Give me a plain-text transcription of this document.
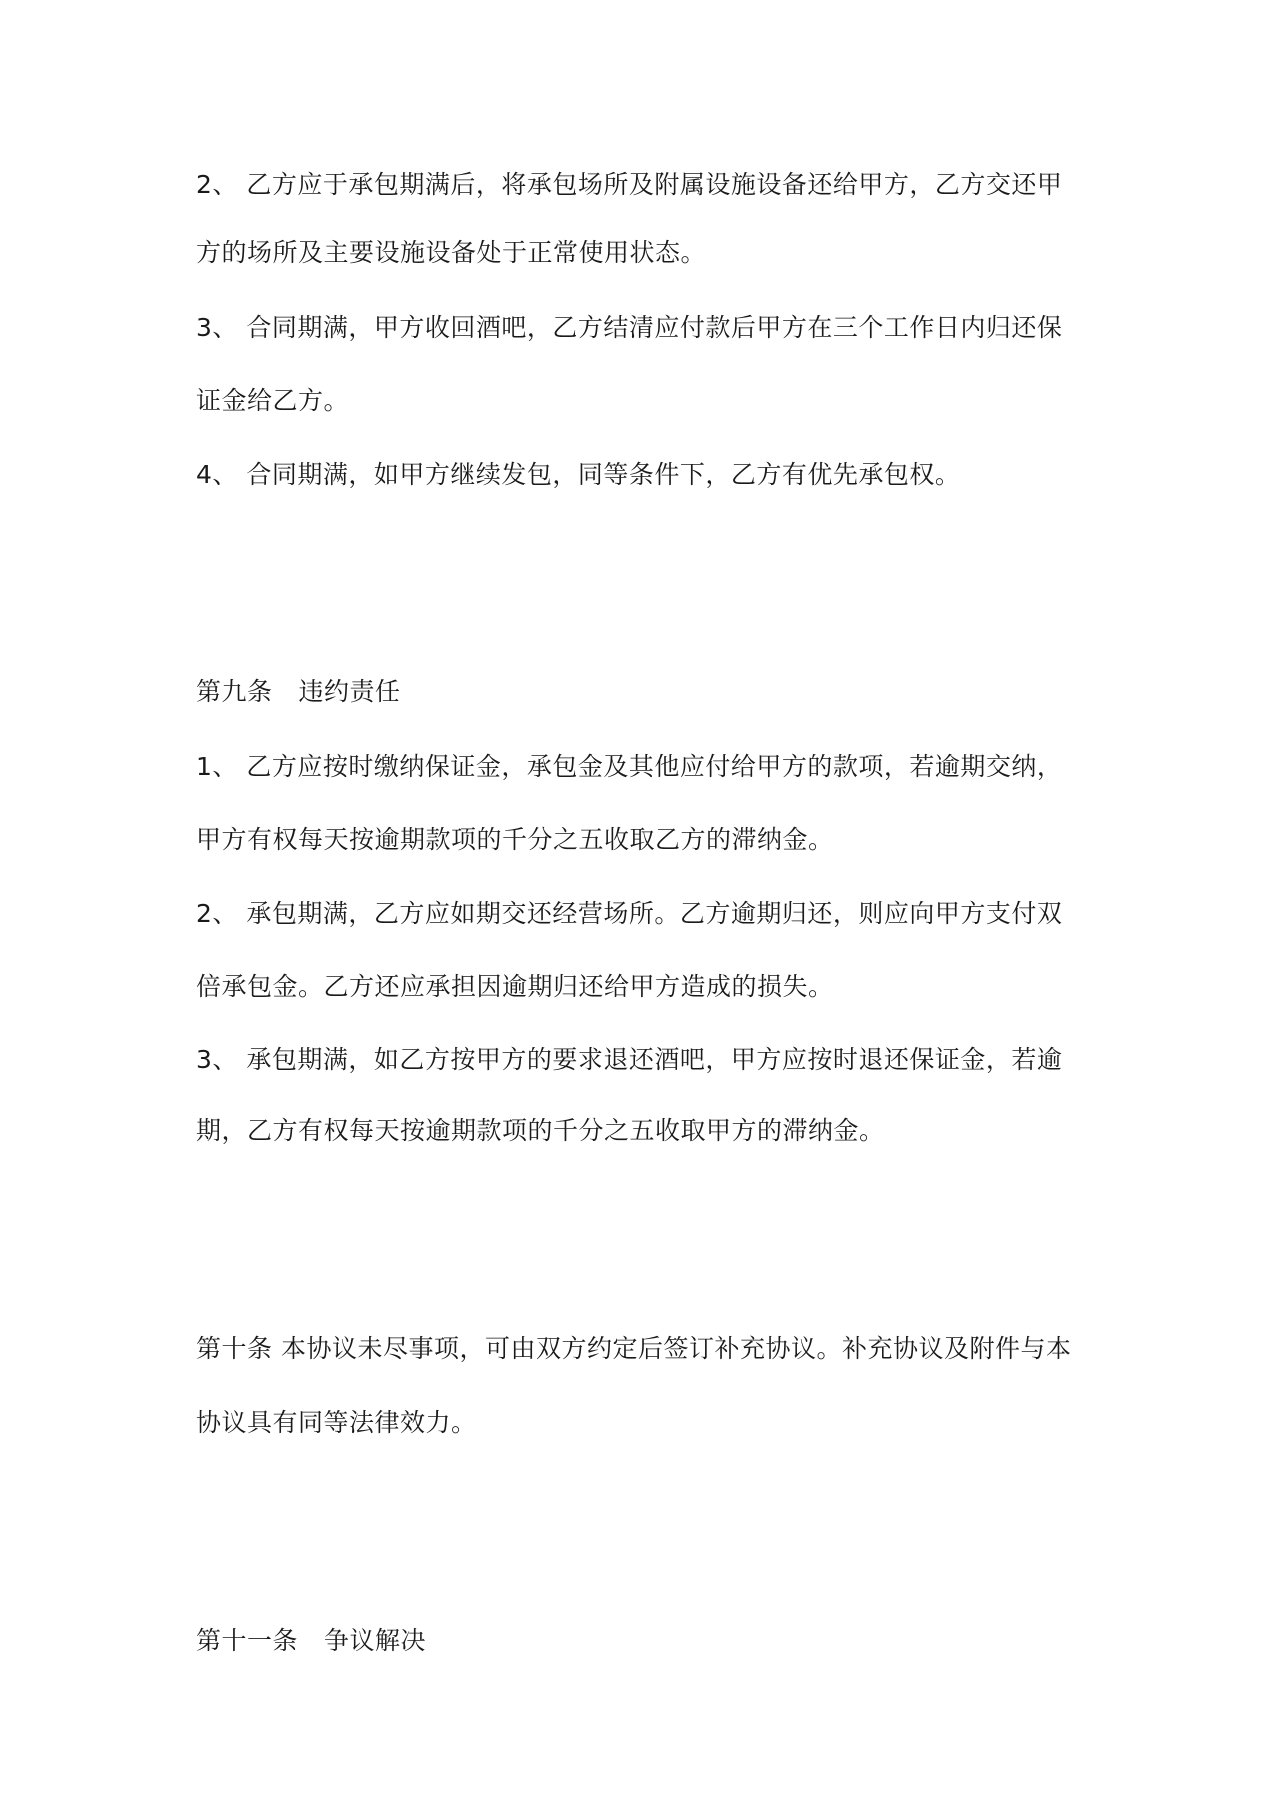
2、 乙方应于承包期满后，将承包场所及附属设施设备还给甲方，乙方交还甲
方的场所及主要设施设备处于正常使用状态。
3、 合同期满，甲方收回酒吧，乙方结清应付款后甲方在三个工作日内归还保
证金给乙方。
4、 合同期满，如甲方继续发包，同等条件下，乙方有优先承包权。
第九条 违约责任
1、 乙方应按时缴纳保证金，承包金及其他应付给甲方的款项，若逾期交纳，
甲方有权每天按逾期款项的千分之五收取乙方的滞纳金。
2、 承包期满，乙方应如期交还经营场所。乙方逾期归还，则应向甲方支付双
倍承包金。乙方还应承担因逾期归还给甲方造成的损失。
3、 承包期满，如乙方按甲方的要求退还酒吧，甲方应按时退还保证金，若逾
期，乙方有权每天按逾期款项的千分之五收取甲方的滞纳金。
第十条 本协议未尽事项，可由双方约定后签订补充协议。补充协议及附件与本
协议具有同等法律效力。
第十一条 争议解决
